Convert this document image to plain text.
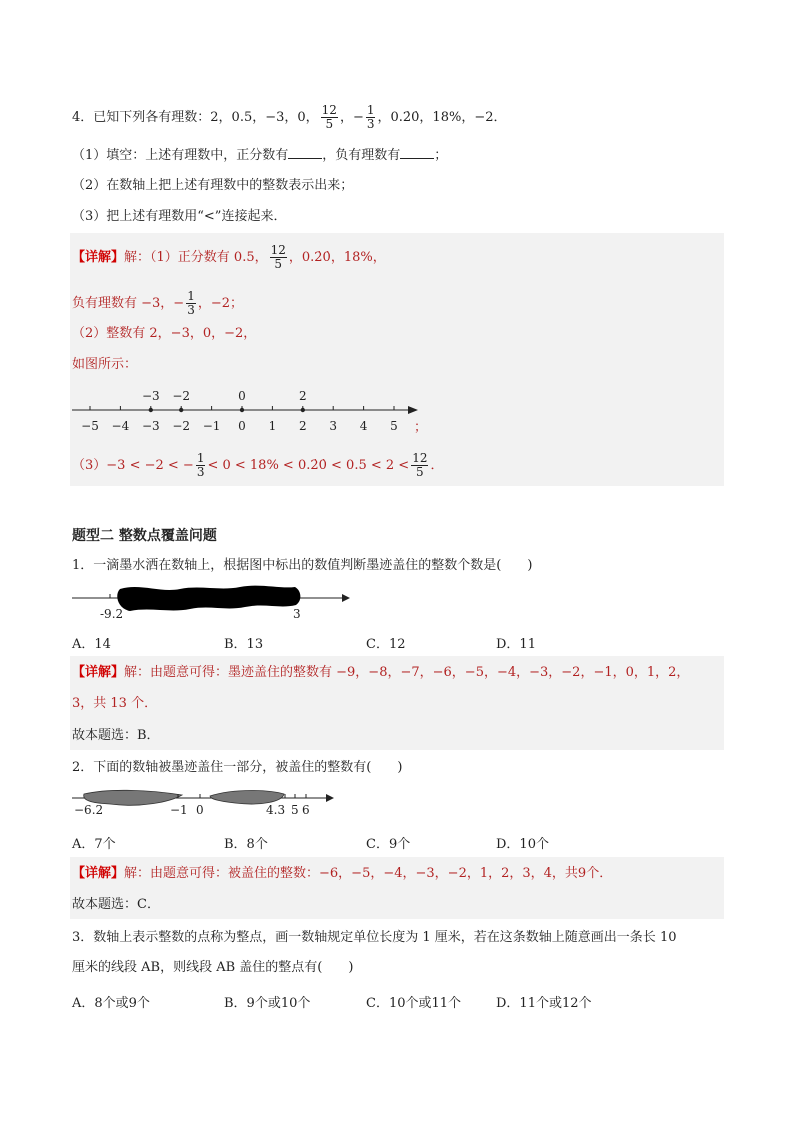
4．已知下列各有理数：2，0.5，−3，0， $\frac{12}{5}$ ，− $\frac{1}{3}$ ，0.2̇0̇，18%，−2．
（1）填空：上述有理数中，正分数有	，负有理数有	；
（2）在数轴上把上述有理数中的整数表示出来；
（3）把上述有理数用“<”连接起来．
【详解】解：（1）正分数有 0.5， $\frac{12}{5}$ ，0.2̇0̇，18%，
负有理数有 −3，− $\frac{1}{3}$ ，−2；
（2）整数有 2，−3，0，−2，
如图所示：
−5 −4 −3 −2 −1 0 1 2 3 4 5
−3 −2	0	2
；
（3）−3 < −2 < − $\frac{1}{3} < 0 < 18\%$ < 0.2̇0̇ < $0.5 < 2 < \frac{12}{5}$ ．
题型二 整数点覆盖问题
1．一滴墨水洒在数轴上，根据图中标出的数值判断墨迹盖住的整数个数是(　　)
-9.2	3
A．14	B．13	C．12	D．11
【详解】解：由题意可得：墨迹盖住的整数有 −9，−8，−7，−6，−5，−4，−3，−2，−1，0，1，2，
3，共 13 个．
故本题选：B．
2．下面的数轴被墨迹盖住一部分，被盖住的整数有(　　)
−6.2	−1 0	4.3 5 6
A．7个	B．8个	C．9个	D．10个
【详解】解：由题意可得：被盖住的整数：−6，−5，−4，−3，−2，1，2，3，4，共9个．
故本题选：C．
3．数轴上表示整数的点称为整点，画一数轴规定单位长度为 1 厘米，若在这条数轴上随意画出一条长 10
厘米的线段 AB，则线段 AB 盖住的整点有(　　)
A．8个或9个	B．9个或10个	C．10个或11个	D．11个或12个
